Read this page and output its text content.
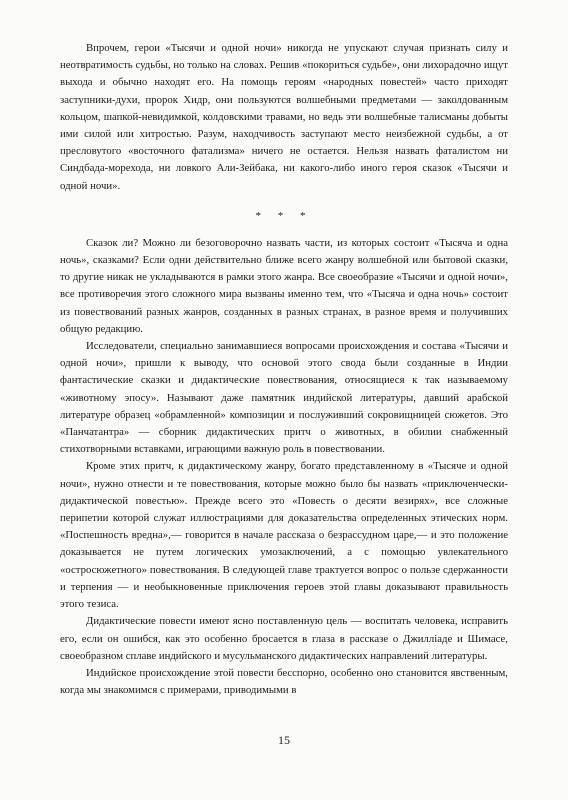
Впрочем, герои «Тысячи и одной ночи» никогда не упускают случая признать силу и неотвратимость судьбы, но только на словах. Решив «покориться судьбе», они лихорадочно ищут выхода и обычно находят его. На помощь героям «народных повестей» часто приходят заступники-духи, пророк Хидр, они пользуются волшебными предметами — заколдованным кольцом, шапкой-невидимкой, колдовскими травами, но ведь эти волшебные талисманы добыты ими силой или хитростью. Разум, находчивость заступают место неизбежной судьбы, а от пресловутого «восточного фатализма» ничего не остается. Нельзя назвать фаталистом ни Синдбада-морехода, ни ловкого Али-Зейбака, ни какого-либо иного героя сказок «Тысячи и одной ночи».

* * *

Сказок ли? Можно ли безоговорочно назвать части, из которых состоит «Тысяча и одна ночь», сказками? Если одни действительно ближе всего жанру волшебной или бытовой сказки, то другие никак не укладываются в рамки этого жанра. Все своеобразие «Тысячи и одной ночи», все противоречия этого сложного мира вызваны именно тем, что «Тысяча и одна ночь» состоит из повествований разных жанров, созданных в разных странах, в разное время и получивших общую редакцию.

Исследователи, специально занимавшиеся вопросами происхождения и состава «Тысячи и одной ночи», пришли к выводу, что основой этого свода были созданные в Индии фантастические сказки и дидактические повествования, относящиеся к так называемому «животному эпосу». Называют даже памятник индийской литературы, давший арабской литературе образец «обрамленной» композиции и послуживший сокровищницей сюжетов. Это «Панчатантра» — сборник дидактических притч о животных, в обилии снабженный стихотворными вставками, играющими важную роль в повествовании.

Кроме этих притч, к дидактическому жанру, богато представленному в «Тысяче и одной ночи», нужно отнести и те повествования, которые можно было бы назвать «приключенчески-дидактической повестью». Прежде всего это «Повесть о десяти везирях», все сложные перипетии которой служат иллюстрациями для доказательства определенных этических норм. «Поспешность вредна»,— говорится в начале рассказа о безрассудном царе,— и это положение доказывается не путем логических умозаключений, а с помощью увлекательного «остросюжетного» повествования. В следующей главе трактуется вопрос о пользе сдержанности и терпения — и необыкновенные приключения героев этой главы доказывают правильность этого тезиса.

Дидактические повести имеют ясно поставленную цель — воспитать человека, исправить его, если он ошибся, как это особенно бросается в глаза в рассказе о Джилліаде и Шимасе, своеобразном сплаве индийского и мусульманского дидактических направлений литературы.

Индийское происхождение этой повести бесспорно, особенно оно становится явственным, когда мы знакомимся с примерами, приводимыми в

15
